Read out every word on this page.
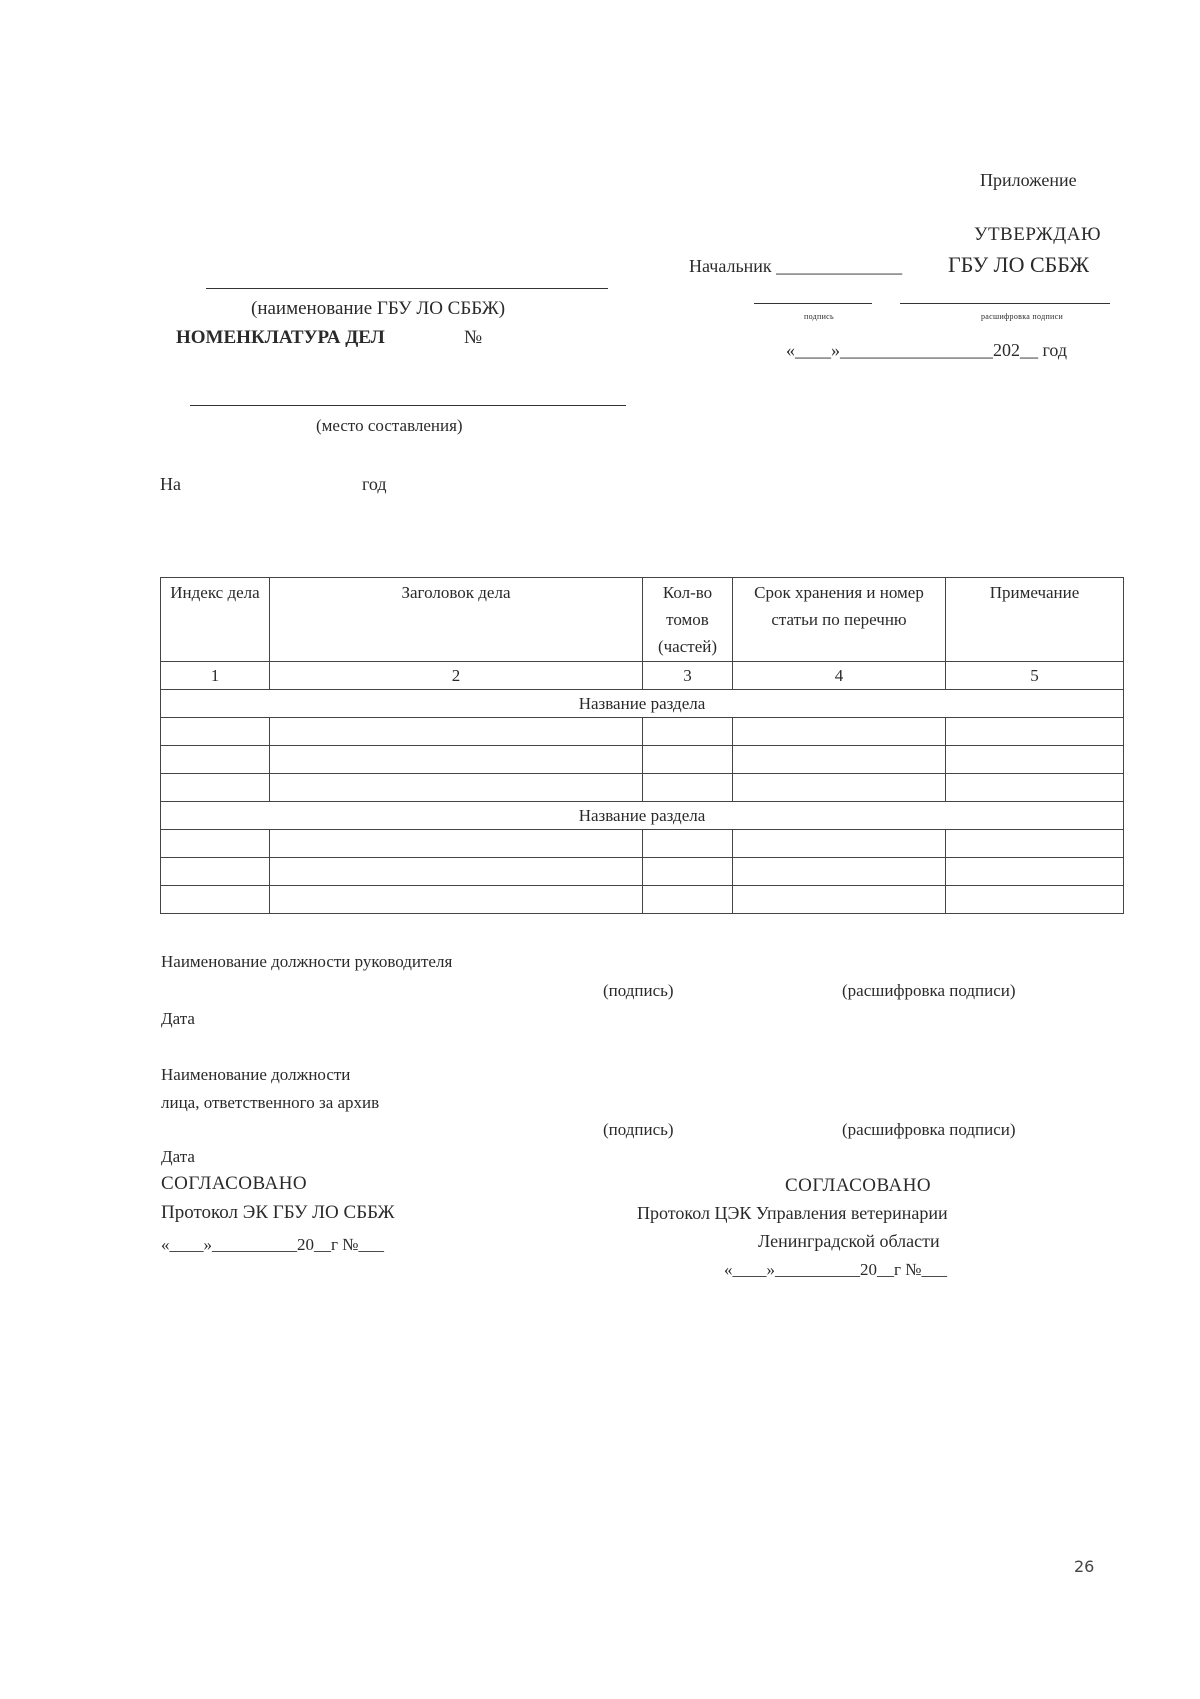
Приложение
УТВЕРЖДАЮ
Начальник ______________ ГБУ ЛО СББЖ
подпись	расшифровка подписи
«____»_________________202__ год
(наименование ГБУ ЛО СББЖ)
НОМЕНКЛАТУРА ДЕЛ	№
(место составления)
На	год
Индекс дела	Заголовок дела	Кол-во томов (частей)	Срок хранения и номер статьи по перечню	Примечание
1	2	3	4	5
Название раздела				

Название раздела				

Наименование должности руководителя
(подпись)	(расшифровка подписи)
Дата
Наименование должности
лица, ответственного за архив
(подпись)	(расшифровка подписи)
Дата
СОГЛАСОВАНО
Протокол ЭК ГБУ ЛО СББЖ
«____»__________20__г №___
СОГЛАСОВАНО
Протокол ЦЭК Управления ветеринарии
Ленинградской области
«____»__________20__г №___
26
